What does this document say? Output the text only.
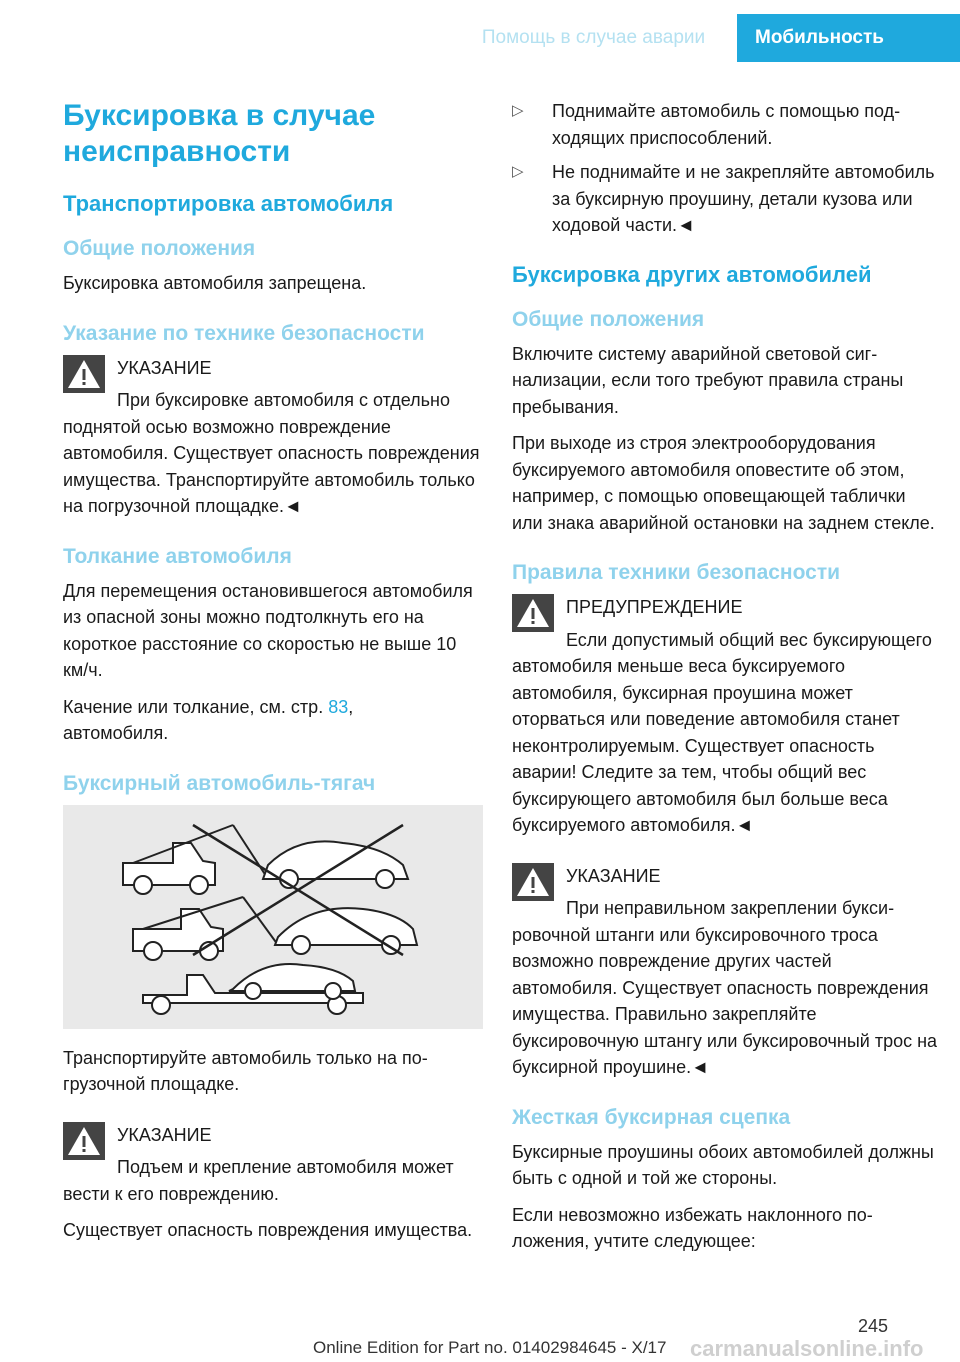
Помощь в случае аварии	Мобильность
Буксировка в случае неисправности
Транспортировка автомобиля
Общие положения

Буксировка автомобиля запрещена.

Указание по технике безопасности

УКАЗАНИЕ

При буксировке автомобиля с отдельно поднятой осью возможно повреждение автомобиля. Существует опасность повреждения имущества. Транспортируйте автомобиль только на погрузочной площадке.◄

Толкание автомобиля

Для перемещения остановившегося автомобиля из опасной зоны можно подтолкнуть его на короткое расстояние со скоростью не выше 10 км/ч.

Качение или толкание, см. стр. 83,
автомобиля.

Буксирный автомобиль-тягач

Транспортируйте автомобиль только на погрузочной площадке.

УКАЗАНИЕ

Подъем и крепление автомобиля может вести к его повреждению.

Существует опасность повреждения имущества.

▷ Поднимайте автомобиль с помощью подходящих приспособлений.

▷ Не поднимайте и не закрепляйте автомобиль за буксирную проушину, детали кузова или ходовой части.◄

Буксировка других автомобилей
Общие положения

Включите систему аварийной световой сигнализации, если того требуют правила страны пребывания.

При выходе из строя электрооборудования буксируемого автомобиля оповестите об этом, например, с помощью оповещающей таблички или знака аварийной остановки на заднем стекле.

Правила техники безопасности

ПРЕДУПРЕЖДЕНИЕ

Если допустимый общий вес буксирующего автомобиля меньше веса буксируемого автомобиля, буксирная проушина может оторваться или поведение автомобиля станет неконтролируемым. Существует опасность аварии! Следите за тем, чтобы общий вес буксирующего автомобиля был больше веса буксируемого автомобиля.◄

УКАЗАНИЕ

При неправильном закреплении буксировочной штанги или буксировочного троса возможно повреждение других частей автомобиля. Существует опасность повреждения имущества. Правильно закрепляйте буксировочную штангу или буксировочный трос на буксирной проушине.◄

Жесткая буксирная сцепка

Буксирные проушины обоих автомобилей должны быть с одной и той же стороны.

Если невозможно избежать наклонного положения, учтите следующее:

245
carmanualsonline.info
Online Edition for Part no. 01402984645 - X/17
